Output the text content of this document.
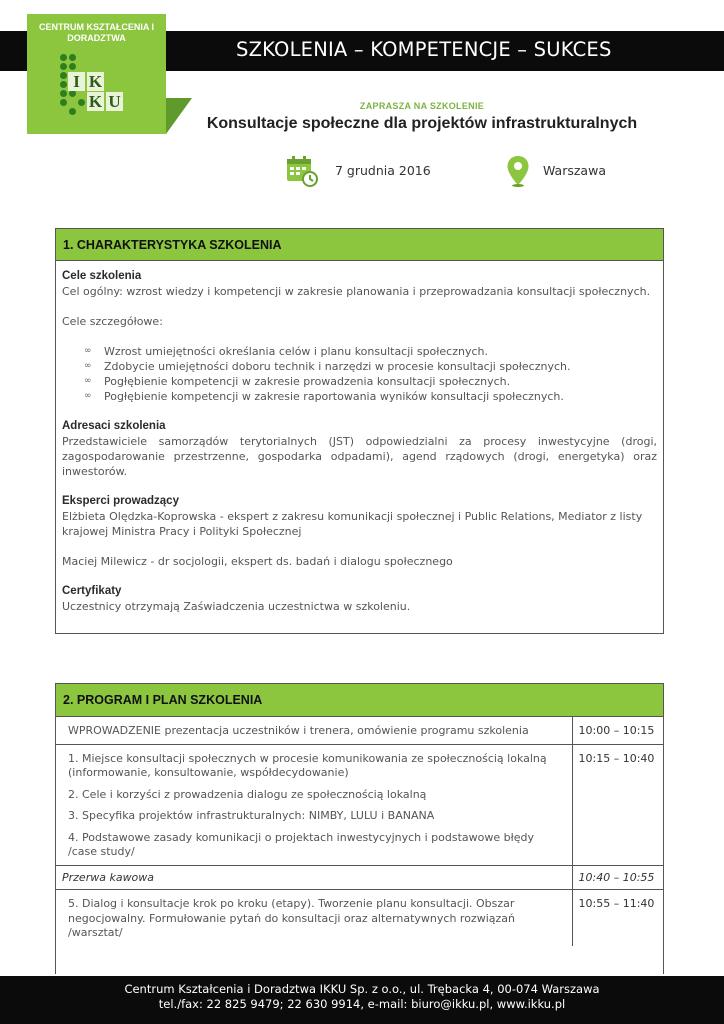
SZKOLENIA – KOMPETENCJE – SUKCES
CENTRUM KSZTAŁCENIA I DORADZTWA
I K
K U	ZAPRASZA NA SZKOLENIE
Konsultacje społeczne dla projektów infrastrukturalnych
7 grudnia 2016	Warszawa
1. CHARAKTERYSTYKA SZKOLENIA
Cele szkolenia
Cel ogólny: wzrost wiedzy i kompetencji w zakresie planowania i przeprowadzania konsultacji społecznych.
Cele szczegółowe:
∞ Wzrost umiejętności określania celów i planu konsultacji społecznych.
∞ Zdobycie umiejętności doboru technik i narzędzi w procesie konsultacji społecznych.
∞ Pogłębienie kompetencji w zakresie prowadzenia konsultacji społecznych.
∞ Pogłębienie kompetencji w zakresie raportowania wyników konsultacji społecznych.
Adresaci szkolenia
Przedstawiciele samorządów terytorialnych (JST) odpowiedzialni za procesy inwestycyjne (drogi, zagospodarowanie przestrzenne, gospodarka odpadami), agend rządowych (drogi, energetyka) oraz inwestorów.
Eksperci prowadzący
Elżbieta Olędzka-Koprowska - ekspert z zakresu komunikacji społecznej i Public Relations, Mediator z listy krajowej Ministra Pracy i Polityki Społecznej
Maciej Milewicz - dr socjologii, ekspert ds. badań i dialogu społecznego
Certyfikaty
Uczestnicy otrzymają Zaświadczenia uczestnictwa w szkoleniu.
2. PROGRAM I PLAN SZKOLENIA
WPROWADZENIE prezentacja uczestników i trenera, omówienie programu szkolenia	10:00 – 10:15

1. Miejsce konsultacji społecznych w procesie komunikowania ze społecznością lokalną (informowanie, konsultowanie, współdecydowanie)
2. Cele i korzyści z prowadzenia dialogu ze społecznością lokalną
3. Specyfika projektów infrastrukturalnych: NIMBY, LULU i BANANA
4. Podstawowe zasady komunikacji o projektach inwestycyjnych i podstawowe błędy /case study/	10:15 – 10:40

Przerwa kawowa	10:40 – 10:55

5. Dialog i konsultacje krok po kroku (etapy). Tworzenie planu konsultacji. Obszar negocjowalny. Formułowanie pytań do konsultacji oraz alternatywnych rozwiązań /warsztat/	10:55 – 11:40
Centrum Kształcenia i Doradztwa IKKU Sp. z o.o., ul. Trębacka 4, 00-074 Warszawa
tel./fax: 22 825 9479; 22 630 9914, e-mail: biuro@ikku.pl, www.ikku.pl
